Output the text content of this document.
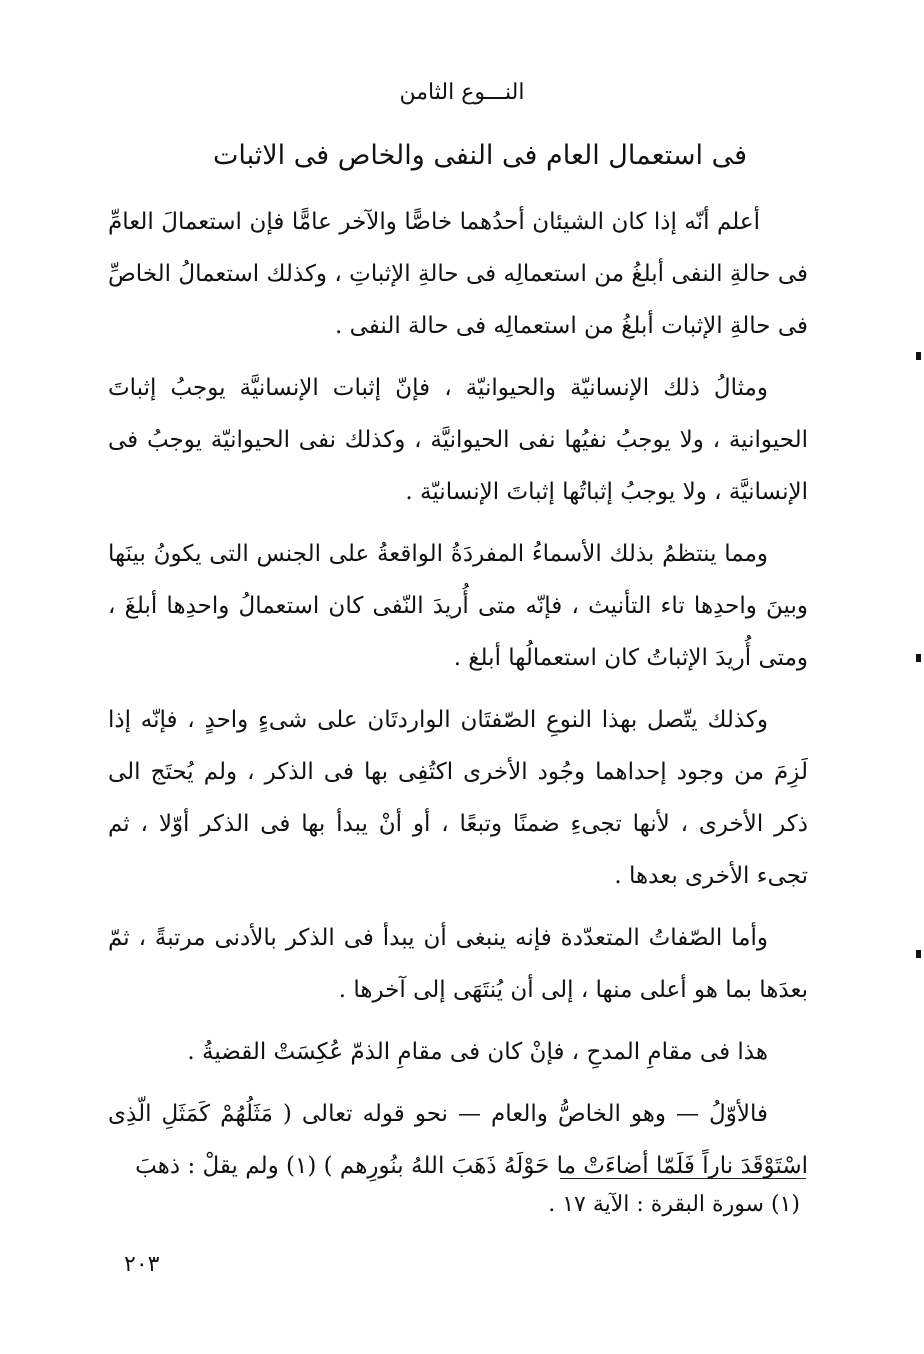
النـــوع الثامن
فى استعمال العام فى النفى والخاص فى الاثبات

أعلم أنّه إذا كان الشيئان أحدُهما خاصًّا والآخر عامًّا فإن استعمالَ العامِّ فى حالةِ النفى أبلغُ من استعمالِه فى حالةِ الإثباتِ ، وكذلك استعمالُ الخاصِّ فى حالةِ الإثبات أبلغُ من استعمالِه فى حالة النفى .

ومثالُ ذلك الإنسانيّة والحيوانيّة ، فإنّ إثبات الإنسانيَّة يوجبُ إثباتَ الحيوانية ، ولا يوجبُ نفيُها نفى الحيوانيَّة ، وكذلك نفى الحيوانيّة يوجبُ فى الإنسانيَّة ، ولا يوجبُ إثباتُها إثباتَ الإنسانيّة .

ومما ينتظمُ بذلك الأسماءُ المفردَةُ الواقعةُ على الجنس التى يكونُ بينَها وبينَ واحدِها تاء التأنيث ، فإنّه متى أُريدَ النّفى كان استعمالُ واحدِها أبلغَ ، ومتى أُريدَ الإثباتُ كان استعمالُها أبلغ .

وكذلك يتّصل بهذا النوعِ الصّفتَان الواردتَان على شىءٍ واحدٍ ، فإنّه إذا لَزِمَ من وجود إحداهما وجُود الأخرى اكتُفِى بها فى الذكر ، ولم يُحتَج الى ذكر الأخرى ، لأنها تجىءِ ضمنًا وتبعًا ، أو أنْ يبدأ بها فى الذكر أوّلا ، ثم تجىء الأخرى بعدها .

وأما الصّفاتُ المتعدّدة فإنه ينبغى أن يبدأ فى الذكر بالأدنى مرتبةً ، ثمّ بعدَها بما هو أعلى منها ، إلى أن يُنتَهَى إلى آخرها .

هذا فى مقامِ المدحِ ، فإنْ كان فى مقامِ الذمّ عُكِسَتْ القضيةُ .

فالأوّلُ — وهو الخاصُّ والعام — نحو قوله تعالى ( مَثَلُهُمْ كَمَثَلِ الّذِى اسْتَوْقَدَ ناراً فَلَمّا أضاءَتْ ما حَوْلَهُ ذَهَبَ اللهُ بنُورِهم ) (١) ولم يقلْ : ذهبَ

(١) سورة البقرة : الآية ١٧ .
٢٠٣
